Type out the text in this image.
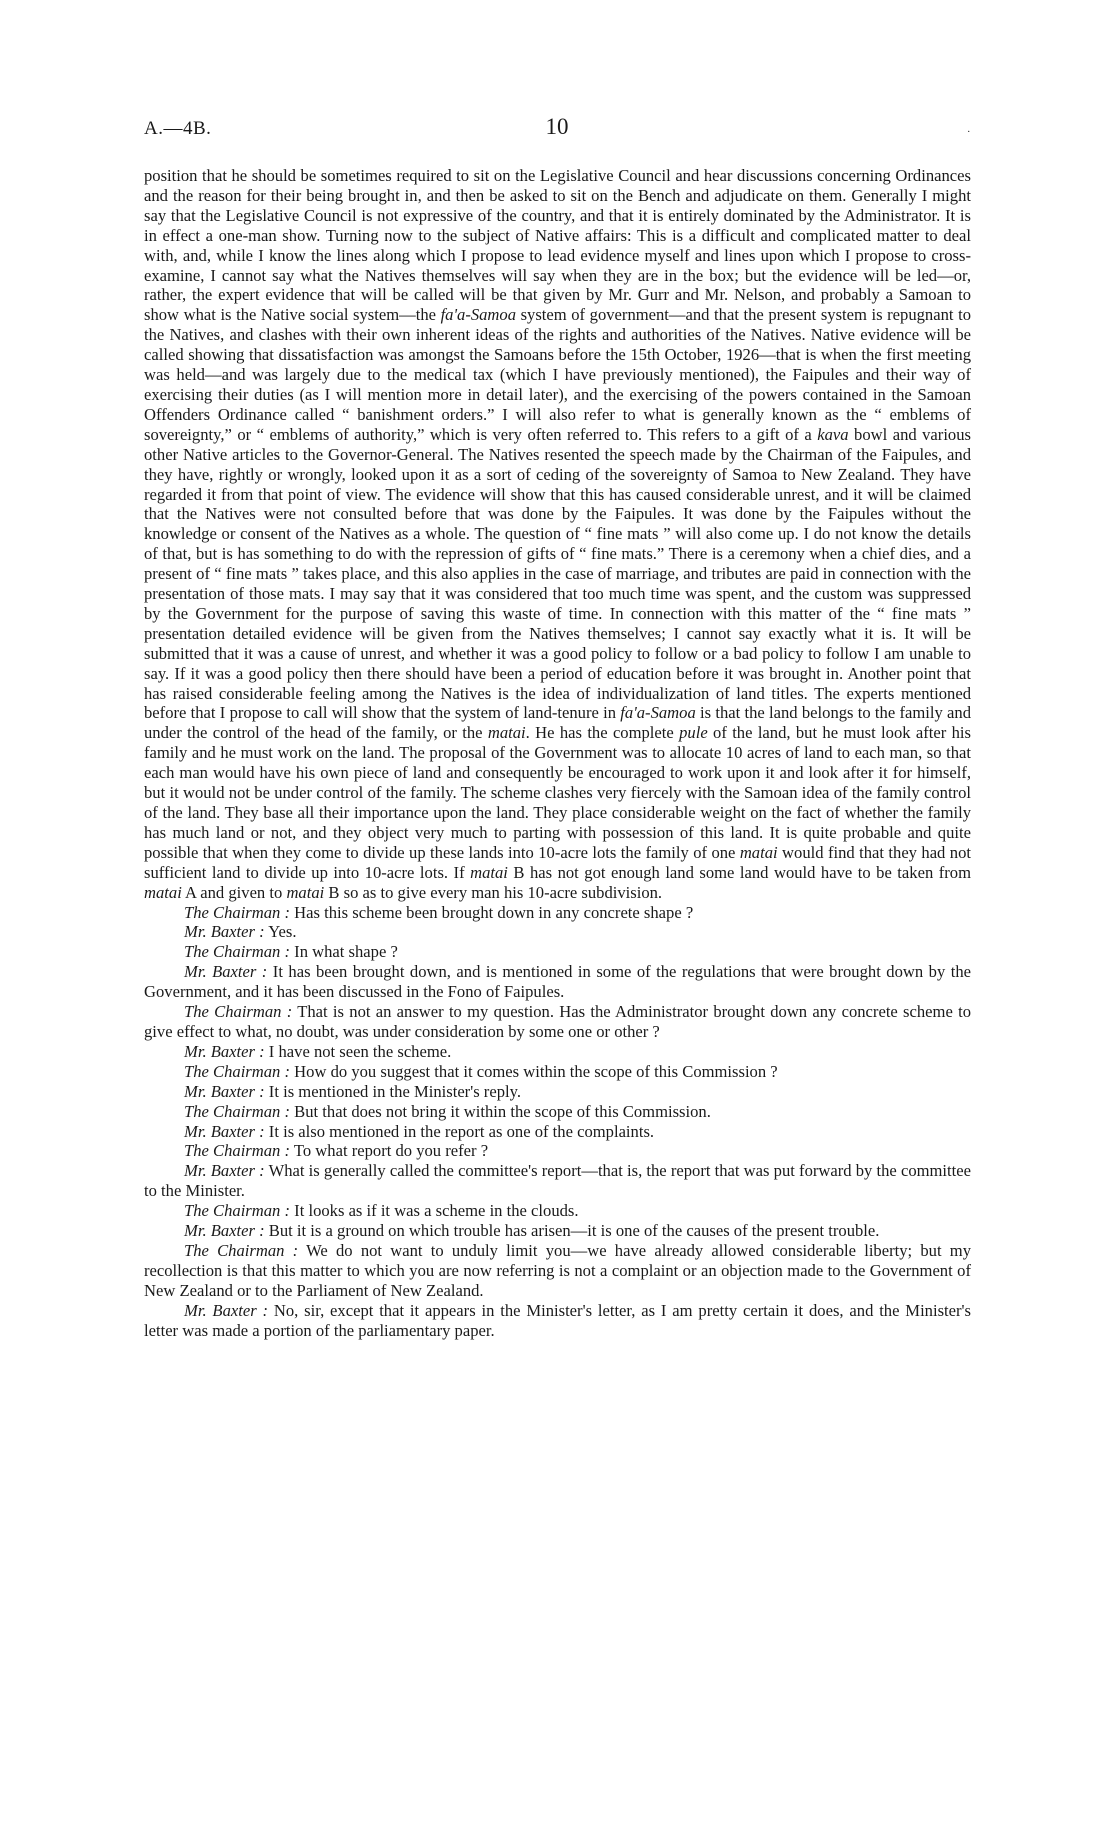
A.—4B.	10	.

position that he should be sometimes required to sit on the Legislative Council and hear discussions concerning Ordinances and the reason for their being brought in, and then be asked to sit on the Bench and adjudicate on them. Generally I might say that the Legislative Council is not expressive of the country, and that it is entirely dominated by the Administrator. It is in effect a one-man show. Turning now to the subject of Native affairs: This is a difficult and complicated matter to deal with, and, while I know the lines along which I propose to lead evidence myself and lines upon which I propose to cross-examine, I cannot say what the Natives themselves will say when they are in the box; but the evidence will be led—or, rather, the expert evidence that will be called will be that given by Mr. Gurr and Mr. Nelson, and probably a Samoan to show what is the Native social system—the fa'a-Samoa system of government—and that the present system is repugnant to the Natives, and clashes with their own inherent ideas of the rights and authorities of the Natives. Native evidence will be called showing that dissatisfaction was amongst the Samoans before the 15th October, 1926—that is when the first meeting was held—and was largely due to the medical tax (which I have previously mentioned), the Faipules and their way of exercising their duties (as I will mention more in detail later), and the exercising of the powers contained in the Samoan Offenders Ordinance called “ banishment orders.” I will also refer to what is generally known as the “ emblems of sovereignty,” or “ emblems of authority,” which is very often referred to. This refers to a gift of a kava bowl and various other Native articles to the Governor-General. The Natives resented the speech made by the Chairman of the Faipules, and they have, rightly or wrongly, looked upon it as a sort of ceding of the sovereignty of Samoa to New Zealand. They have regarded it from that point of view. The evidence will show that this has caused considerable unrest, and it will be claimed that the Natives were not consulted before that was done by the Faipules. It was done by the Faipules without the knowledge or consent of the Natives as a whole. The question of “ fine mats ” will also come up. I do not know the details of that, but is has something to do with the repression of gifts of “ fine mats.” There is a ceremony when a chief dies, and a present of “ fine mats ” takes place, and this also applies in the case of marriage, and tributes are paid in connection with the presentation of those mats. I may say that it was considered that too much time was spent, and the custom was suppressed by the Government for the purpose of saving this waste of time. In connection with this matter of the “ fine mats ” presentation detailed evidence will be given from the Natives themselves; I cannot say exactly what it is. It will be submitted that it was a cause of unrest, and whether it was a good policy to follow or a bad policy to follow I am unable to say. If it was a good policy then there should have been a period of education before it was brought in. Another point that has raised considerable feeling among the Natives is the idea of individualization of land titles. The experts mentioned before that I propose to call will show that the system of land-tenure in fa'a-Samoa is that the land belongs to the family and under the control of the head of the family, or the matai. He has the complete pule of the land, but he must look after his family and he must work on the land. The proposal of the Government was to allocate 10 acres of land to each man, so that each man would have his own piece of land and consequently be encouraged to work upon it and look after it for himself, but it would not be under control of the family. The scheme clashes very fiercely with the Samoan idea of the family control of the land. They base all their importance upon the land. They place considerable weight on the fact of whether the family has much land or not, and they object very much to parting with possession of this land. It is quite probable and quite possible that when they come to divide up these lands into 10-acre lots the family of one matai would find that they had not sufficient land to divide up into 10-acre lots. If matai B has not got enough land some land would have to be taken from matai A and given to matai B so as to give every man his 10-acre subdivision.

The Chairman : Has this scheme been brought down in any concrete shape ?

Mr. Baxter : Yes.

The Chairman : In what shape ?

Mr. Baxter : It has been brought down, and is mentioned in some of the regulations that were brought down by the Government, and it has been discussed in the Fono of Faipules.

The Chairman : That is not an answer to my question. Has the Administrator brought down any concrete scheme to give effect to what, no doubt, was under consideration by some one or other ?

Mr. Baxter : I have not seen the scheme.

The Chairman : How do you suggest that it comes within the scope of this Commission ?

Mr. Baxter : It is mentioned in the Minister's reply.

The Chairman : But that does not bring it within the scope of this Commission.

Mr. Baxter : It is also mentioned in the report as one of the complaints.

The Chairman : To what report do you refer ?

Mr. Baxter : What is generally called the committee's report—that is, the report that was put forward by the committee to the Minister.

The Chairman : It looks as if it was a scheme in the clouds.

Mr. Baxter : But it is a ground on which trouble has arisen—it is one of the causes of the present trouble.

The Chairman : We do not want to unduly limit you—we have already allowed considerable liberty; but my recollection is that this matter to which you are now referring is not a complaint or an objection made to the Government of New Zealand or to the Parliament of New Zealand.

Mr. Baxter : No, sir, except that it appears in the Minister's letter, as I am pretty certain it does, and the Minister's letter was made a portion of the parliamentary paper.
